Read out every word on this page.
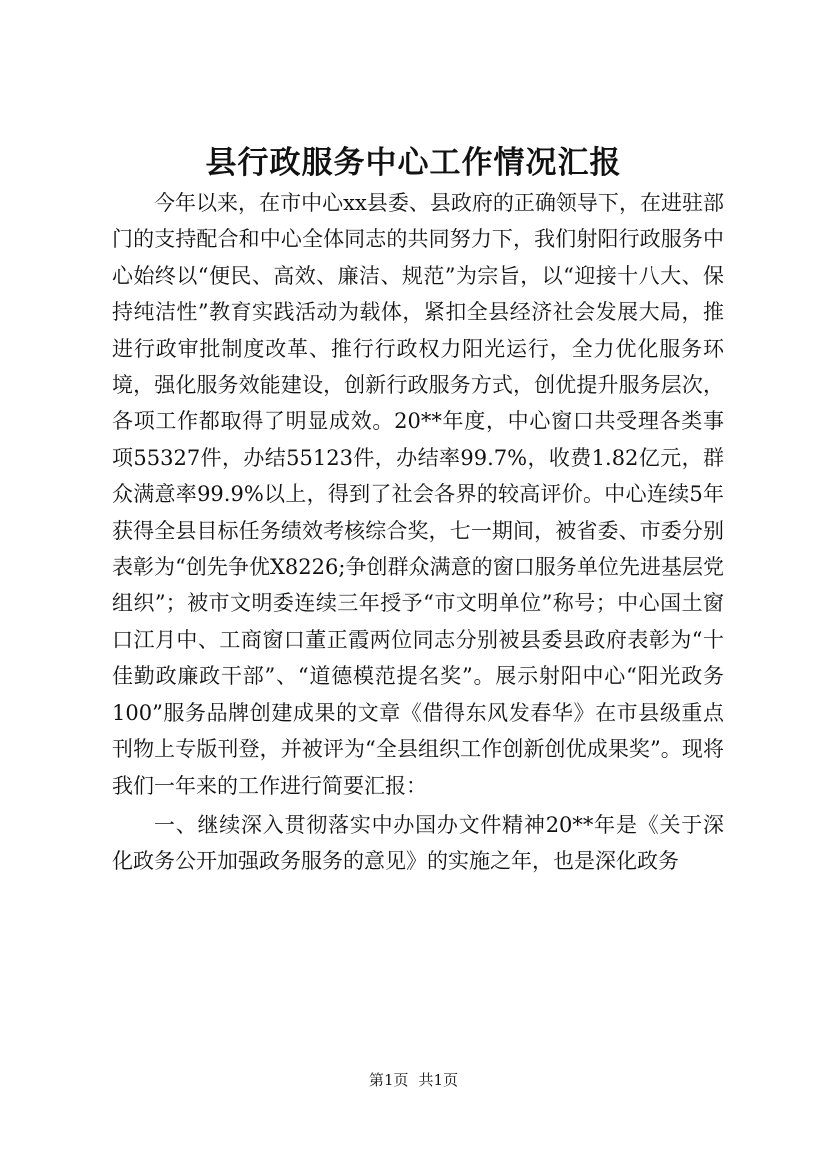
县行政服务中心工作情况汇报

今年以来，在市中心xx县委、县政府的正确领导下，在进驻部门的支持配合和中心全体同志的共同努力下，我们射阳行政服务中心始终以“便民、高效、廉洁、规范”为宗旨，以“迎接十八大、保持纯洁性”教育实践活动为载体，紧扣全县经济社会发展大局，推进行政审批制度改革、推行行政权力阳光运行，全力优化服务环境，强化服务效能建设，创新行政服务方式，创优提升服务层次，各项工作都取得了明显成效。20**年度，中心窗口共受理各类事项55327件，办结55123件，办结率99.7%，收费1.82亿元，群众满意率99.9%以上，得到了社会各界的较高评价。中心连续5年获得全县目标任务绩效考核综合奖，七一期间，被省委、市委分别表彰为“创先争优X8226;争创群众满意的窗口服务单位先进基层党组织”；被市文明委连续三年授予“市文明单位”称号；中心国土窗口江月中、工商窗口董正霞两位同志分别被县委县政府表彰为“十佳勤政廉政干部”、“道德模范提名奖”。展示射阳中心“阳光政务100”服务品牌创建成果的文章《借得东风发春华》在市县级重点刊物上专版刊登，并被评为“全县组织工作创新创优成果奖”。现将我们一年来的工作进行简要汇报：

一、继续深入贯彻落实中办国办文件精神20**年是《关于深化政务公开加强政务服务的意见》的实施之年，也是深化政务

第1页 共1页
